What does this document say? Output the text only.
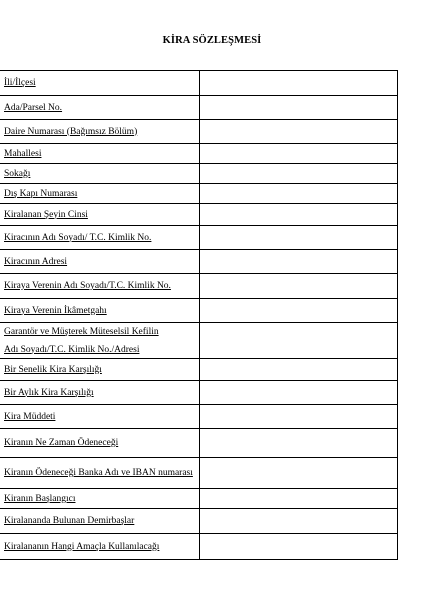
KİRA SÖZLEŞMESİ
İli/İlçesi	
Ada/Parsel No.	
Daire Numarası (Bağımsız Bölüm)	
Mahallesi	
Sokağı	
Dış Kapı Numarası	
Kiralanan Şeyin Cinsi	
Kiracının Adı Soyadı/ T.C. Kimlik No.	
Kiracının Adresi	
Kiraya Verenin Adı Soyadı/T.C. Kimlik No.	
Kiraya Verenin İkâmetgahı	

Garantör ve Müşterek Müteselsil Kefilin
Adı Soyadı/T.C. Kimlik No./Adresi	

Bir Senelik Kira Karşılığı	
Bir Aylık Kira Karşılığı	
Kira Müddeti	
Kiranın Ne Zaman Ödeneceği	

Kiranın Ödeneceği Banka Adı ve IBAN numarası	

Kiranın Başlangıcı	
Kiralananda Bulunan Demirbaşlar	
Kiralananın Hangi Amaçla Kullanılacağı	
